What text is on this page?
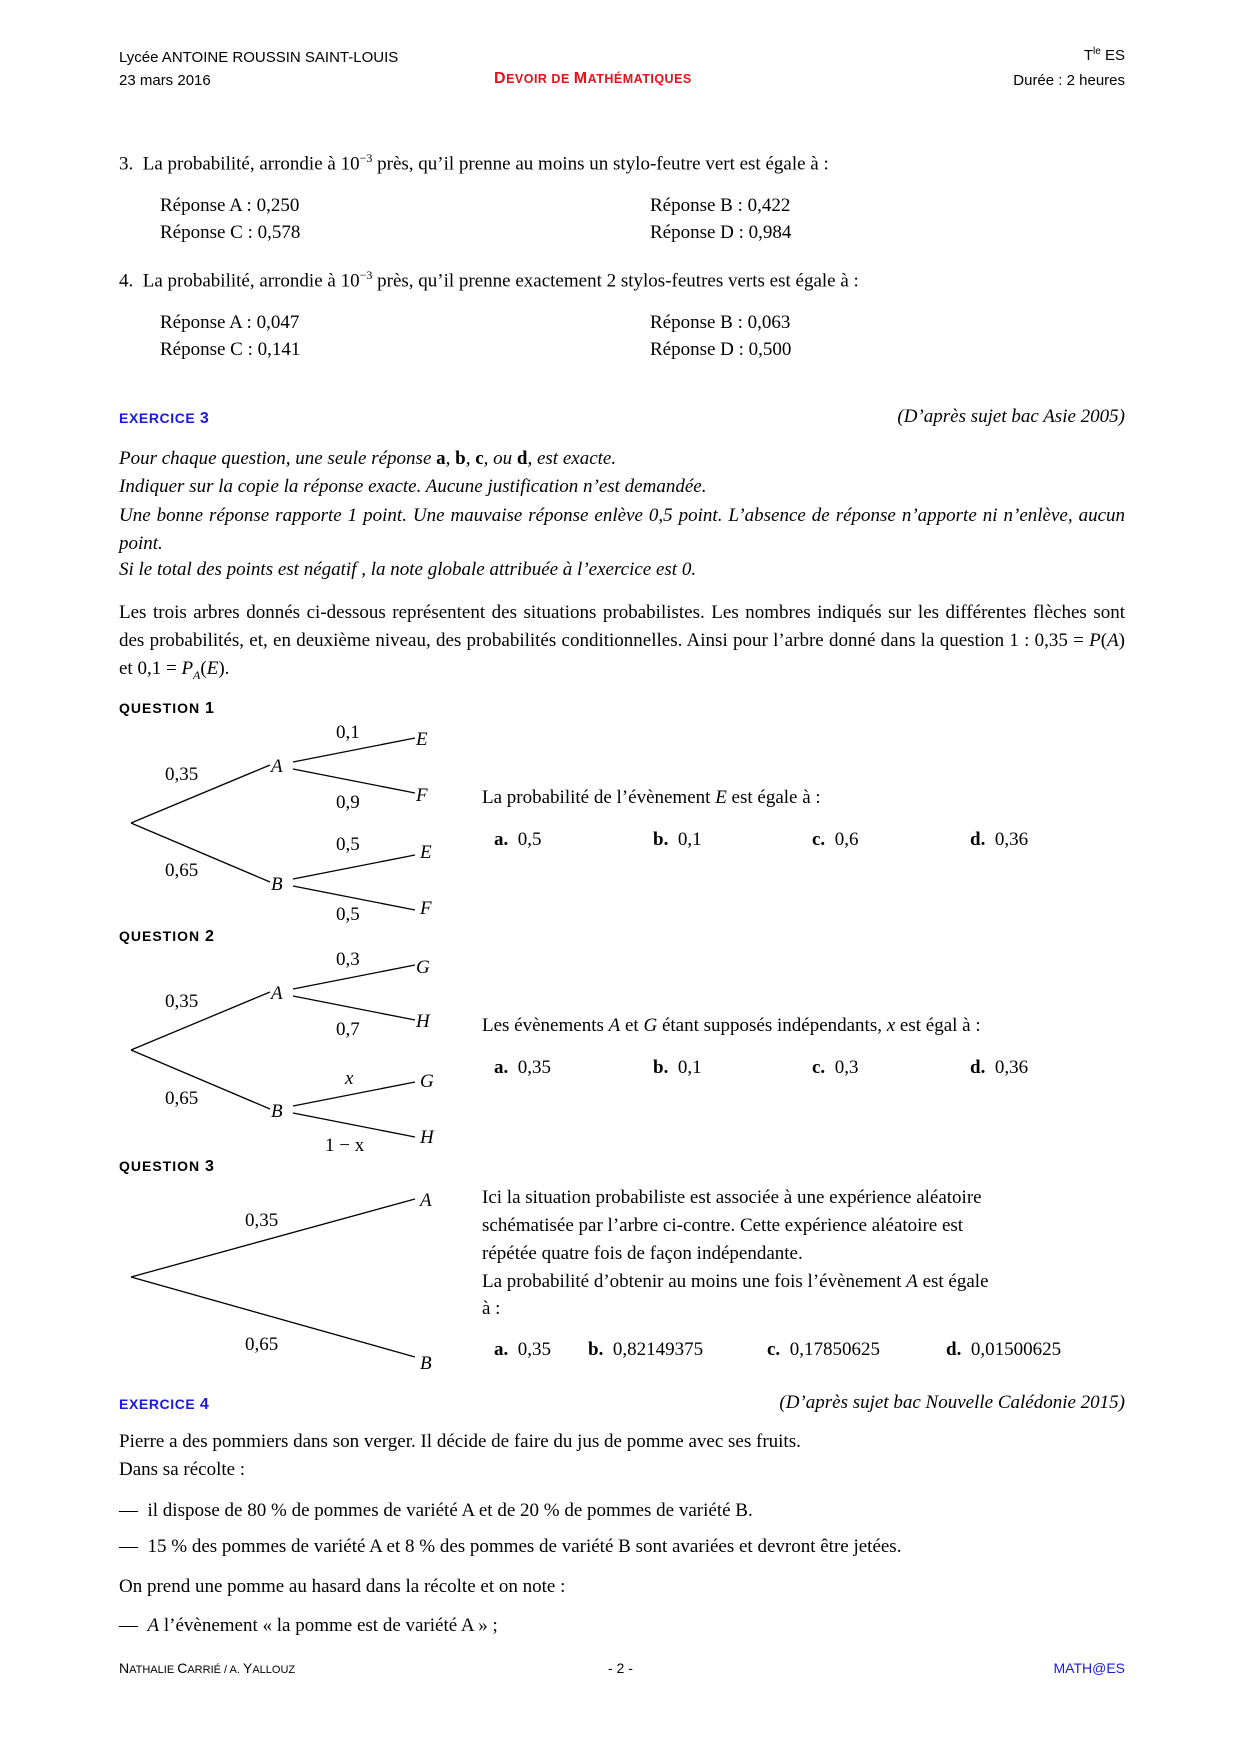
Lycée ANTOINE ROUSSIN SAINT-LOUIS
23 mars 2016	DEVOIR DE MATHÉMATIQUES
$T^{le}$ ES
Durée : 2 heures
3. La probabilité, arrondie à $10^{-3}$ près, qu’il prenne au moins un stylo-feutre vert est égale à :
Réponse A : 0,250	Réponse B : 0,422
Réponse C : 0,578	Réponse D : 0,984
4. La probabilité, arrondie à $10^{-3}$ près, qu’il prenne exactement 2 stylos-feutres verts est égale à :
Réponse A : 0,047	Réponse B : 0,063
Réponse C : 0,141	Réponse D : 0,500
EXERCICE 3	(D’après sujet bac Asie 2005)
Pour chaque question, une seule réponse a, b, c, ou d, est exacte.
Indiquer sur la copie la réponse exacte. Aucune justification n’est demandée.
Une bonne réponse rapporte 1 point. Une mauvaise réponse enlève 0,5 point. L’absence de réponse n’apporte ni n’enlève, aucun point.
Si le total des points est négatif , la note globale attribuée à l’exercice est 0.
Les trois arbres donnés ci-dessous représentent des situations probabilistes. Les nombres indiqués sur les différentes flèches sont des probabilités, et, en deuxième niveau, des probabilités conditionnelles. Ainsi pour l’arbre donné dans la question 1 : 0,35 = P(A) et $0,1 = P_A(E)$.
QUESTION 1
0,35
0,65
A
B
0,1
0,9
0,5
0,5
E
F
E
F
La probabilité de l’évènement E est égale à :
a. 0,5	b. 0,1	c. 0,6	d. 0,36
QUESTION 2
0,35
0,65
A
B
0,3
0,7
x
1 − x
G
H
G
H
Les évènements A et G étant supposés indépendants, x est égal à :
a. 0,35	b. 0,1	c. 0,3	d. 0,36
QUESTION 3
0,35
0,65
A
B
Ici la situation probabiliste est associée à une expérience aléatoire
schématisée par l’arbre ci-contre. Cette expérience aléatoire est
répétée quatre fois de façon indépendante.
La probabilité d’obtenir au moins une fois l’évènement A est égale
à :
a. 0,35 b. 0,82149375	c. 0,17850625	d. 0,01500625
EXERCICE 4	(D’après sujet bac Nouvelle Calédonie 2015)
Pierre a des pommiers dans son verger. Il décide de faire du jus de pomme avec ses fruits.
Dans sa récolte :
— il dispose de 80 % de pommes de variété A et de 20 % de pommes de variété B.
— 15 % des pommes de variété A et 8 % des pommes de variété B sont avariées et devront être jetées.
On prend une pomme au hasard dans la récolte et on note :
— A l’évènement « la pomme est de variété A » ;
NATHALIE CARRIÉ / A. YALLOUZ	- 2 -	MATH@ES
